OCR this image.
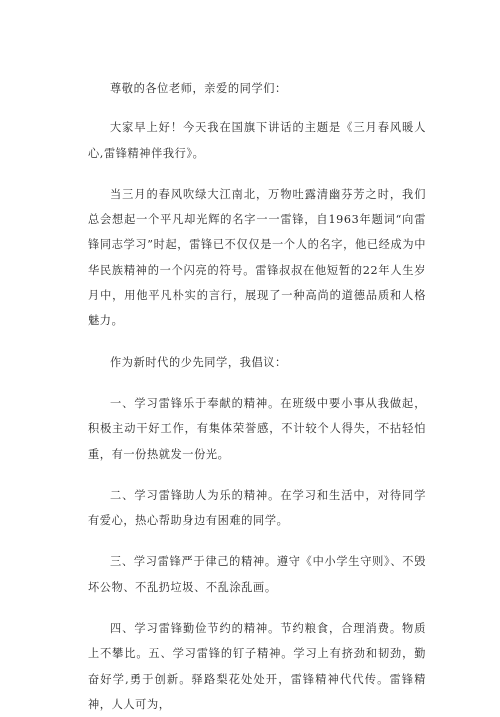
尊敬的各位老师，亲爱的同学们：

大家早上好！今天我在国旗下讲话的主题是《三月春风暖人心,雷锋精神伴我行》。

当三月的春风吹绿大江南北，万物吐露清幽芬芳之时，我们总会想起一个平凡却光辉的名字一一雷锋，自1963年题词“向雷锋同志学习”时起，雷锋已不仅仅是一个人的名字，他已经成为中华民族精神的一个闪亮的符号。雷锋叔叔在他短暂的22年人生岁月中，用他平凡朴实的言行，展现了一种高尚的道德品质和人格魅力。

作为新时代的少先同学，我倡议：

一、学习雷锋乐于奉献的精神。在班级中要小事从我做起，积极主动干好工作，有集体荣誉感，不计较个人得失，不拈轻怕重，有一份热就发一份光。

二、学习雷锋助人为乐的精神。在学习和生活中，对待同学有爱心，热心帮助身边有困难的同学。

三、学习雷锋严于律己的精神。遵守《中小学生守则》、不毁坏公物、不乱扔垃圾、不乱涂乱画。

四、学习雷锋勤俭节约的精神。节约粮食，合理消费。物质上不攀比。五、学习雷锋的钉子精神。学习上有挤劲和韧劲，勤奋好学,勇于创新。驿路梨花处处开，雷锋精神代代传。雷锋精神，人人可为，
